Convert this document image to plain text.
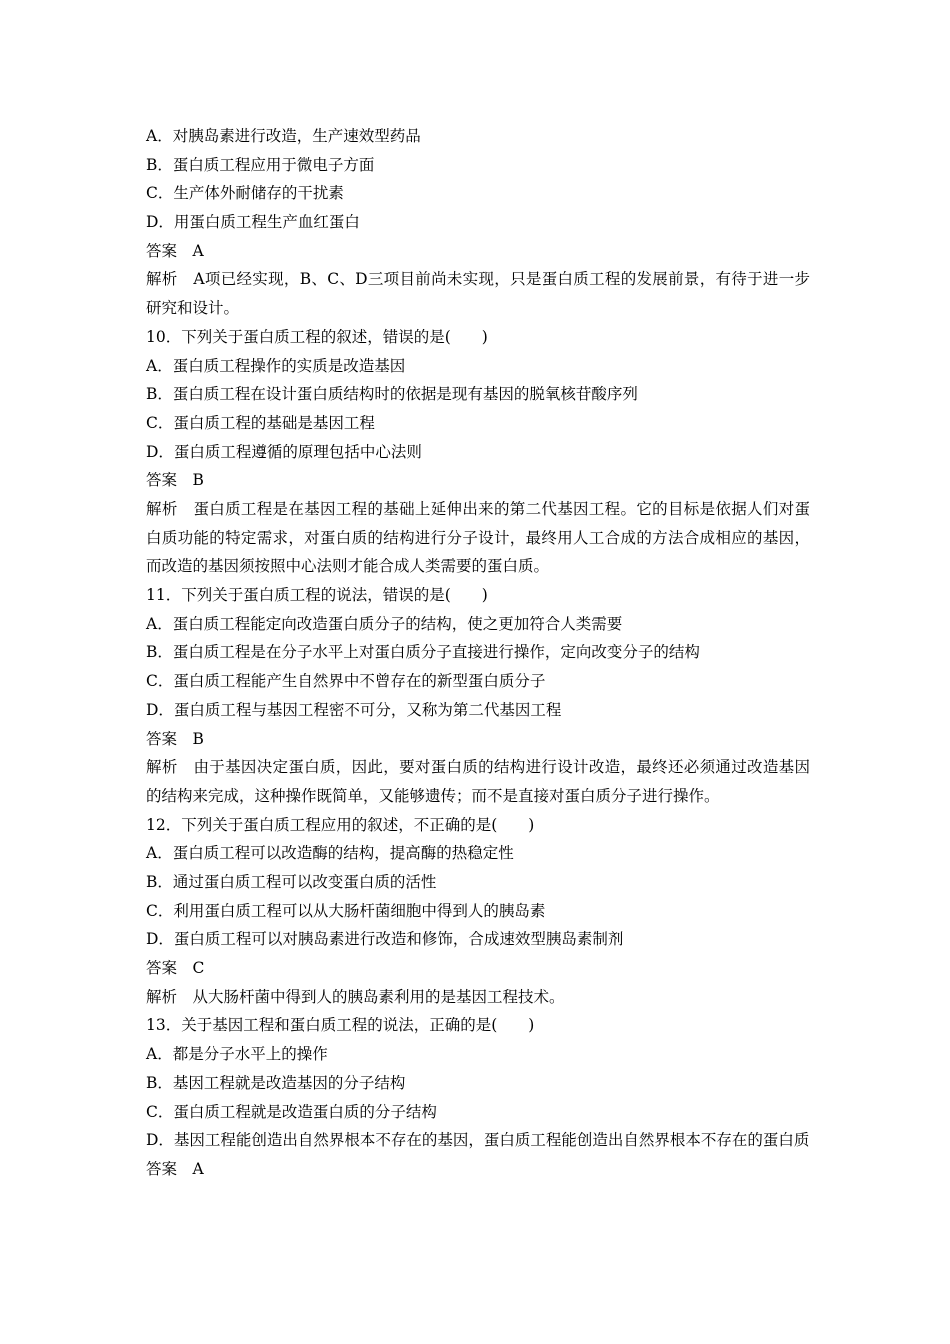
A．对胰岛素进行改造，生产速效型药品
B．蛋白质工程应用于微电子方面
C．生产体外耐储存的干扰素
D．用蛋白质工程生产血红蛋白
答案　A
解析　A项已经实现，B、C、D三项目前尚未实现，只是蛋白质工程的发展前景，有待于进一步研究和设计。
10．下列关于蛋白质工程的叙述，错误的是(　　)
A．蛋白质工程操作的实质是改造基因
B．蛋白质工程在设计蛋白质结构时的依据是现有基因的脱氧核苷酸序列
C．蛋白质工程的基础是基因工程
D．蛋白质工程遵循的原理包括中心法则
答案　B
解析　蛋白质工程是在基因工程的基础上延伸出来的第二代基因工程。它的目标是依据人们对蛋白质功能的特定需求，对蛋白质的结构进行分子设计，最终用人工合成的方法合成相应的基因，而改造的基因须按照中心法则才能合成人类需要的蛋白质。
11．下列关于蛋白质工程的说法，错误的是(　　)
A．蛋白质工程能定向改造蛋白质分子的结构，使之更加符合人类需要
B．蛋白质工程是在分子水平上对蛋白质分子直接进行操作，定向改变分子的结构
C．蛋白质工程能产生自然界中不曾存在的新型蛋白质分子
D．蛋白质工程与基因工程密不可分，又称为第二代基因工程
答案　B
解析　由于基因决定蛋白质，因此，要对蛋白质的结构进行设计改造，最终还必须通过改造基因的结构来完成，这种操作既简单，又能够遗传；而不是直接对蛋白质分子进行操作。
12．下列关于蛋白质工程应用的叙述，不正确的是(　　)
A．蛋白质工程可以改造酶的结构，提高酶的热稳定性
B．通过蛋白质工程可以改变蛋白质的活性
C．利用蛋白质工程可以从大肠杆菌细胞中得到人的胰岛素
D．蛋白质工程可以对胰岛素进行改造和修饰，合成速效型胰岛素制剂
答案　C
解析　从大肠杆菌中得到人的胰岛素利用的是基因工程技术。
13．关于基因工程和蛋白质工程的说法，正确的是(　　)
A．都是分子水平上的操作
B．基因工程就是改造基因的分子结构
C．蛋白质工程就是改造蛋白质的分子结构
D．基因工程能创造出自然界根本不存在的基因，蛋白质工程能创造出自然界根本不存在的蛋白质
答案　A
